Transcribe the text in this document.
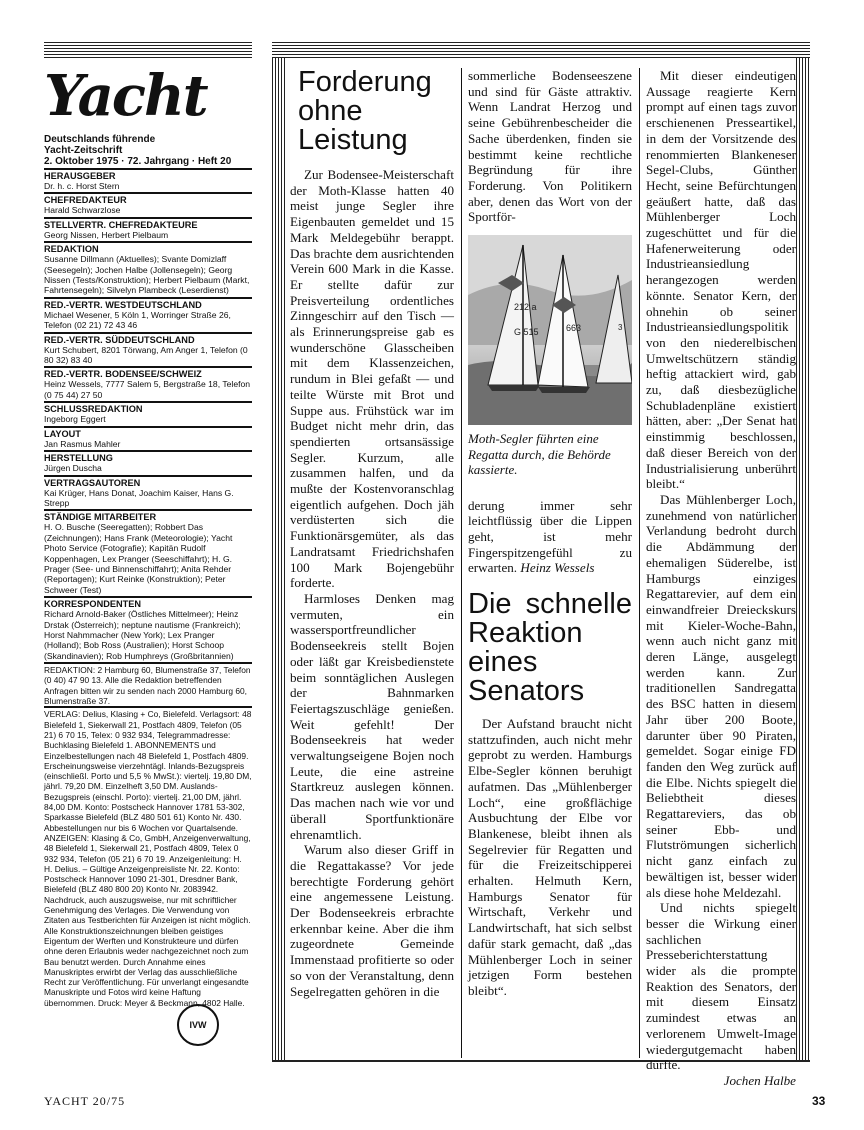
Yacht
Deutschlands führende
Yacht-Zeitschrift
2. Oktober 1975 · 72. Jahrgang · Heft 20
HERAUSGEBER
Dr. h. c. Horst Stern
CHEFREDAKTEUR
Harald Schwarzlose
STELLVERTR. CHEFREDAKTEURE
Georg Nissen, Herbert Pielbaum
REDAKTION
Susanne Dillmann (Aktuelles); Svante Domizlaff (Seesegeln); Jochen Halbe (Jollensegeln); Georg Nissen (Tests/Konstruktion); Herbert Pielbaum (Markt, Fahrtensegeln); Silvelyn Plambeck (Leserdienst)
RED.-VERTR. WESTDEUTSCHLAND
Michael Wesener, 5 Köln 1, Worringer Straße 26, Telefon (02 21) 72 43 46
RED.-VERTR. SÜDDEUTSCHLAND
Kurt Schubert, 8201 Törwang, Am Anger 1, Telefon (0 80 32) 83 40
RED.-VERTR. BODENSEE/SCHWEIZ
Heinz Wessels, 7777 Salem 5, Bergstraße 18, Telefon (0 75 44) 27 50
SCHLUSSREDAKTION
Ingeborg Eggert
LAYOUT
Jan Rasmus Mahler
HERSTELLUNG
Jürgen Duscha
VERTRAGSAUTOREN
Kai Krüger, Hans Donat, Joachim Kaiser, Hans G. Strepp
STÄNDIGE MITARBEITER
H. O. Busche (Seeregatten); Robbert Das (Zeichnungen); Hans Frank (Meteorologie); Yacht Photo Service (Fotografie); Kapitän Rudolf Koppenhagen, Lex Pranger (Seeschiffahrt); H. G. Prager (See- und Binnenschiffahrt); Anita Rehder (Reportagen); Kurt Reinke (Konstruktion); Peter Schweer (Test)
KORRESPONDENTEN
Richard Arnold-Baker (Östliches Mittelmeer); Heinz Drstak (Österreich); neptune nautisme (Frankreich); Horst Nahmmacher (New York); Lex Pranger (Holland); Bob Ross (Australien); Horst Schoop (Skandinavien); Rob Humphreys (Großbritannien)
REDAKTION: 2 Hamburg 60, Blumenstraße 37, Telefon (0 40) 47 90 13. Alle die Redaktion betreffenden Anfragen bitten wir zu senden nach 2000 Hamburg 60, Blumenstraße 37.
VERLAG: Delius, Klasing + Co, Bielefeld. Verlagsort: 48 Bielefeld 1, Siekerwall 21, Postfach 4809, Telefon (05 21) 6 70 15, Telex: 0 932 934, Telegrammadresse: Buchklasing Bielefeld 1. ABONNEMENTS und Einzelbestellungen nach 48 Bielefeld 1, Postfach 4809. Erscheinungsweise vierzehntägl. Inlands-Bezugspreis (einschließl. Porto und 5,5 % MwSt.): viertelj. 19,80 DM, jährl. 79,20 DM. Einzelheft 3,50 DM. Auslands-Bezugspreis (einschl. Porto): viertelj. 21,00 DM, jährl. 84,00 DM. Konto: Postscheck Hannover 1781 53-302, Sparkasse Bielefeld (BLZ 480 501 61) Konto Nr. 430. Abbestellungen nur bis 6 Wochen vor Quartalsende. ANZEIGEN: Klasing & Co, GmbH, Anzeigenverwaltung, 48 Bielefeld 1, Siekerwall 21, Postfach 4809, Telex 0 932 934, Telefon (05 21) 6 70 19. Anzeigenleitung: H. H. Delius. – Gültige Anzeigenpreisliste Nr. 22. Konto: Postscheck Hannover 1090 21-301, Dresdner Bank, Bielefeld (BLZ 480 800 20) Konto Nr. 2083942. Nachdruck, auch auszugsweise, nur mit schriftlicher Genehmigung des Verlages. Die Verwendung von Zitaten aus Testberichten für Anzeigen ist nicht möglich. Alle Konstruktionszeichnungen bleiben geistiges Eigentum der Werften und Konstrukteure und dürfen ohne deren Erlaubnis weder nachgezeichnet noch zum Bau benutzt werden. Durch Annahme eines Manuskriptes erwirbt der Verlag das ausschließliche Recht zur Veröffentlichung. Für unverlangt eingesandte Manuskripte und Fotos wird keine Haftung übernommen. Druck: Meyer & Beckmann, 4802 Halle.
IVW
Forderung ohne Leistung

Zur Bodensee-Meisterschaft der Moth-Klasse hatten 40 meist junge Segler ihre Eigenbauten gemeldet und 15 Mark Meldegebühr berappt. Das brachte dem ausrichtenden Verein 600 Mark in die Kasse. Er stellte dafür zur Preisverteilung ordentliches Zinngeschirr auf den Tisch — als Erinnerungspreise gab es wunderschöne Glasscheiben mit dem Klassenzeichen, rundum in Blei gefaßt — und teilte Würste mit Brot und Suppe aus. Frühstück war im Budget nicht mehr drin, das spendierten ortsansässige Segler. Kurzum, alle zusammen halfen, und da mußte der Kostenvoranschlag eigentlich aufgehen. Doch jäh verdüsterten sich die Funktionärsgemüter, als das Landratsamt Friedrichshafen 100 Mark Bojengebühr forderte.

Harmloses Denken mag vermuten, ein wassersportfreundlicher Bodenseekreis stellt Bojen oder läßt gar Kreisbedienstete beim sonntäglichen Auslegen der Bahnmarken Feiertagszuschläge genießen. Weit gefehlt! Der Bodenseekreis hat weder verwaltungseigene Bojen noch Leute, die eine astreine Startkreuz auslegen können. Das machen nach wie vor und überall Sportfunktionäre ehrenamtlich.

Warum also dieser Griff in die Regattakasse? Vor jede berechtigte Forderung gehört eine angemessene Leistung. Der Bodenseekreis erbrachte erkennbar keine. Aber die ihm zugeordnete Gemeinde Immenstaad profitierte so oder so von der Veranstaltung, denn Segelregatten gehören in die

sommerliche Bodenseeszene und sind für Gäste attraktiv. Wenn Landrat Herzog und seine Gebührenbescheider die Sache überdenken, finden sie bestimmt keine rechtliche Begründung für ihre Forderung. Von Politikern aber, denen das Wort von der Sportför-

212 a
G 515	663	3
Moth-Segler führten eine Regatta durch, die Behörde kassierte.

derung immer sehr leichtflüssig über die Lippen geht, ist mehr Fingerspitzengefühl zu erwarten. Heinz Wessels

Die schnelle Reaktion eines Senators

Der Aufstand braucht nicht stattzufinden, auch nicht mehr geprobt zu werden. Hamburgs Elbe-Segler können beruhigt aufatmen. Das „Mühlenberger Loch“, eine großflächige Ausbuchtung der Elbe vor Blankenese, bleibt ihnen als Segelrevier für Regatten und für die Freizeitschipperei erhalten. Helmuth Kern, Hamburgs Senator für Wirtschaft, Verkehr und Landwirtschaft, hat sich selbst dafür stark gemacht, daß „das Mühlenberger Loch in seiner jetzigen Form bestehen bleibt“.

Mit dieser eindeutigen Aussage reagierte Kern prompt auf einen tags zuvor erschienenen Presseartikel, in dem der Vorsitzende des renommierten Blankeneser Segel-Clubs, Günther Hecht, seine Befürchtungen geäußert hatte, daß das Mühlenberger Loch zugeschüttet und für die Hafenerweiterung oder Industrieansiedlung herangezogen werden könnte. Senator Kern, der ohnehin ob seiner Industrieansiedlungspolitik von den niederelbischen Umweltschützern ständig heftig attackiert wird, gab zu, daß diesbezügliche Schubladenpläne existiert hätten, aber: „Der Senat hat einstimmig beschlossen, daß dieser Bereich von der Industrialisierung unberührt bleibt.“

Das Mühlenberger Loch, zunehmend von natürlicher Verlandung bedroht durch die Abdämmung der ehemaligen Süderelbe, ist Hamburgs einziges Regattarevier, auf dem ein einwandfreier Dreieckskurs mit Kieler-Woche-Bahn, wenn auch nicht ganz mit deren Länge, ausgelegt werden kann. Zur traditionellen Sandregatta des BSC hatten in diesem Jahr über 200 Boote, darunter über 90 Piraten, gemeldet. Sogar einige FD fanden den Weg zurück auf die Elbe. Nichts spiegelt die Beliebtheit dieses Regattareviers, das ob seiner Ebb- und Flutströmungen sicherlich nicht ganz einfach zu bewältigen ist, besser wider als diese hohe Meldezahl.

Und nichts spiegelt besser die Wirkung einer sachlichen Presseberichterstattung wider als die prompte Reaktion des Senators, der mit diesem Einsatz zumindest etwas an verlorenem Umwelt-Image wiedergutgemacht haben dürfte.

Jochen Halbe
YACHT 20/75	33
